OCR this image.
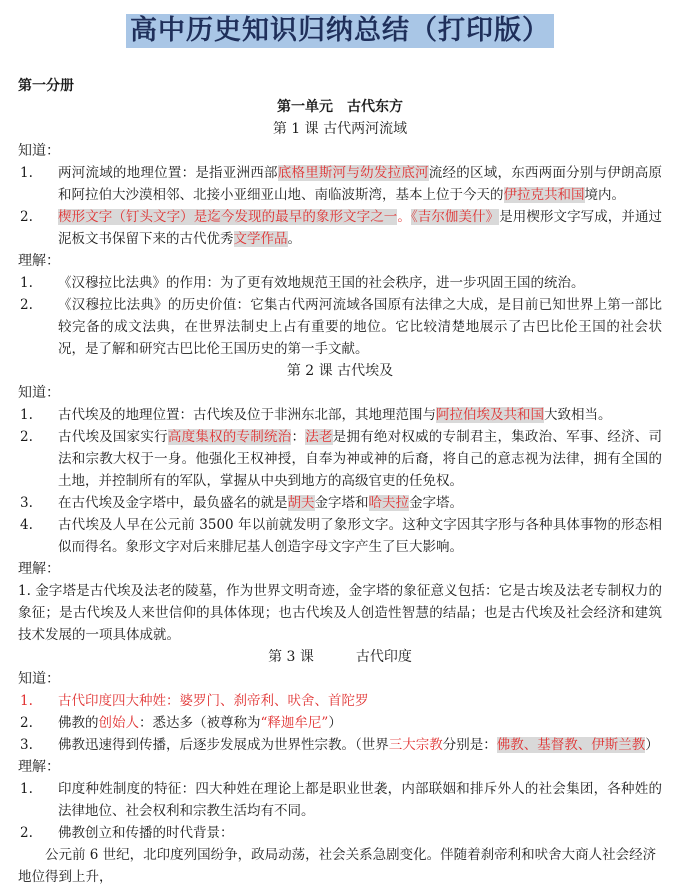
高中历史知识归纳总结（打印版）
第一分册
第一单元　古代东方
第 1 课 古代两河流域
知道：
1. 两河流域的地理位置：是指亚洲西部底格里斯河与幼发拉底河流经的区域，东西两面分别与伊朗高原和阿拉伯大沙漠相邻、北接小亚细亚山地、南临波斯湾，基本上位于今天的伊拉克共和国境内。
2. 楔形文字（钉头文字）是迄今发现的最早的象形文字之一。《吉尔伽美什》是用楔形文字写成，并通过泥板文书保留下来的古代优秀文学作品。
理解：
1. 《汉穆拉比法典》的作用：为了更有效地规范王国的社会秩序，进一步巩固王国的统治。
2. 《汉穆拉比法典》的历史价值：它集古代两河流域各国原有法律之大成，是目前已知世界上第一部比较完备的成文法典，在世界法制史上占有重要的地位。它比较清楚地展示了古巴比伦王国的社会状况，是了解和研究古巴比伦王国历史的第一手文献。
第 2 课 古代埃及
知道：
1. 古代埃及的地理位置：古代埃及位于非洲东北部，其地理范围与阿拉伯埃及共和国大致相当。
2. 古代埃及国家实行高度集权的专制统治：法老是拥有绝对权威的专制君主，集政治、军事、经济、司法和宗教大权于一身。他强化王权神授，自奉为神或神的后裔，将自己的意志视为法律，拥有全国的土地，并控制所有的军队，掌握从中央到地方的高级官吏的任免权。
3. 在古代埃及金字塔中，最负盛名的就是胡夫金字塔和哈夫拉金字塔。
4. 古代埃及人早在公元前 3500 年以前就发明了象形文字。这种文字因其字形与各种具体事物的形态相似而得名。象形文字对后来腓尼基人创造字母文字产生了巨大影响。
理解：
1. 金字塔是古代埃及法老的陵墓，作为世界文明奇迹，金字塔的象征意义包括：它是古埃及法老专制权力的象征；是古代埃及人来世信仰的具体体现；也古代埃及人创造性智慧的结晶；也是古代埃及社会经济和建筑技术发展的一项具体成就。
第 3 课　　　古代印度
知道：
1. 古代印度四大种姓：婆罗门、刹帝利、吠舍、首陀罗
2. 佛教的创始人：悉达多（被尊称为“释迦牟尼”）
3. 佛教迅速得到传播，后逐步发展成为世界性宗教。（世界三大宗教分别是：佛教、基督教、伊斯兰教）
理解：
1. 印度种姓制度的特征：四大种姓在理论上都是职业世袭，内部联姻和排斥外人的社会集团，各种姓的法律地位、社会权利和宗教生活均有不同。
2. 佛教创立和传播的时代背景：
公元前 6 世纪，北印度列国纷争，政局动荡，社会关系急剧变化。伴随着刹帝利和吠舍大商人社会经济地位得到上升，
